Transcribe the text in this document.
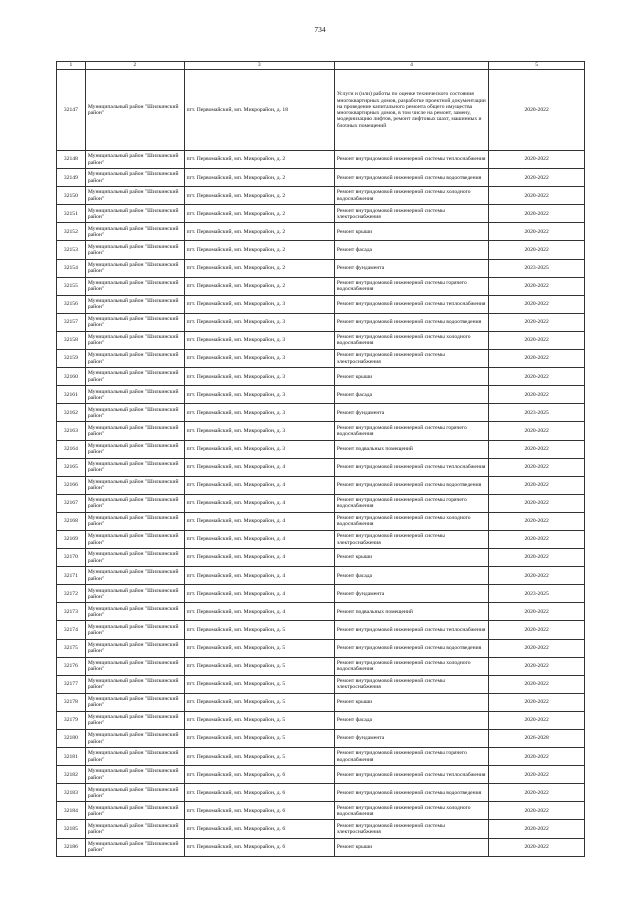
734
1	2	3	4	5
32147	Муниципальный район "Шилкинский район"	пгт. Первомайский, мп. Микрорайон, д. 18	Услуги и (или) работы по оценке технического состояния многоквартирных домов, разработке проектной документации на проведение капитального ремонта общего имущества многоквартирных домов, в том числе на ремонт, замену, модернизацию лифтов, ремонт лифтовых шахт, машинных и блочных помещений	2020-2022
32148	Муниципальный район "Шилкинский район"	пгт. Первомайский, мп. Микрорайон, д. 2	Ремонт внутридомовой инженерной системы теплоснабжения	2020-2022
32149	Муниципальный район "Шилкинский район"	пгт. Первомайский, мп. Микрорайон, д. 2	Ремонт внутридомовой инженерной системы водоотведения	2020-2022
32150	Муниципальный район "Шилкинский район"	пгт. Первомайский, мп. Микрорайон, д. 2	Ремонт внутридомовой инженерной системы холодного водоснабжения	2020-2022
32151	Муниципальный район "Шилкинский район"	пгт. Первомайский, мп. Микрорайон, д. 2	Ремонт внутридомовой инженерной системы электроснабжения	2020-2022
32152	Муниципальный район "Шилкинский район"	пгт. Первомайский, мп. Микрорайон, д. 2	Ремонт крыши	2020-2022
32153	Муниципальный район "Шилкинский район"	пгт. Первомайский, мп. Микрорайон, д. 2	Ремонт фасада	2020-2022
32154	Муниципальный район "Шилкинский район"	пгт. Первомайский, мп. Микрорайон, д. 2	Ремонт фундамента	2023-2025
32155	Муниципальный район "Шилкинский район"	пгт. Первомайский, мп. Микрорайон, д. 2	Ремонт внутридомовой инженерной системы горячего водоснабжения	2020-2022
32156	Муниципальный район "Шилкинский район"	пгт. Первомайский, мп. Микрорайон, д. 3	Ремонт внутридомовой инженерной системы теплоснабжения	2020-2022
32157	Муниципальный район "Шилкинский район"	пгт. Первомайский, мп. Микрорайон, д. 3	Ремонт внутридомовой инженерной системы водоотведения	2020-2022
32158	Муниципальный район "Шилкинский район"	пгт. Первомайский, мп. Микрорайон, д. 3	Ремонт внутридомовой инженерной системы холодного водоснабжения	2020-2022
32159	Муниципальный район "Шилкинский район"	пгт. Первомайский, мп. Микрорайон, д. 3	Ремонт внутридомовой инженерной системы электроснабжения	2020-2022
32160	Муниципальный район "Шилкинский район"	пгт. Первомайский, мп. Микрорайон, д. 3	Ремонт крыши	2020-2022
32161	Муниципальный район "Шилкинский район"	пгт. Первомайский, мп. Микрорайон, д. 3	Ремонт фасада	2020-2022
32162	Муниципальный район "Шилкинский район"	пгт. Первомайский, мп. Микрорайон, д. 3	Ремонт фундамента	2023-2025
32163	Муниципальный район "Шилкинский район"	пгт. Первомайский, мп. Микрорайон, д. 3	Ремонт внутридомовой инженерной системы горячего водоснабжения	2020-2022
32164	Муниципальный район "Шилкинский район"	пгт. Первомайский, мп. Микрорайон, д. 3	Ремонт подвальных помещений	2020-2022
32165	Муниципальный район "Шилкинский район"	пгт. Первомайский, мп. Микрорайон, д. 4	Ремонт внутридомовой инженерной системы теплоснабжения	2020-2022
32166	Муниципальный район "Шилкинский район"	пгт. Первомайский, мп. Микрорайон, д. 4	Ремонт внутридомовой инженерной системы водоотведения	2020-2022
32167	Муниципальный район "Шилкинский район"	пгт. Первомайский, мп. Микрорайон, д. 4	Ремонт внутридомовой инженерной системы горячего водоснабжения	2020-2022
32168	Муниципальный район "Шилкинский район"	пгт. Первомайский, мп. Микрорайон, д. 4	Ремонт внутридомовой инженерной системы холодного водоснабжения	2020-2022
32169	Муниципальный район "Шилкинский район"	пгт. Первомайский, мп. Микрорайон, д. 4	Ремонт внутридомовой инженерной системы электроснабжения	2020-2022
32170	Муниципальный район "Шилкинский район"	пгт. Первомайский, мп. Микрорайон, д. 4	Ремонт крыши	2020-2022
32171	Муниципальный район "Шилкинский район"	пгт. Первомайский, мп. Микрорайон, д. 4	Ремонт фасада	2020-2022
32172	Муниципальный район "Шилкинский район"	пгт. Первомайский, мп. Микрорайон, д. 4	Ремонт фундамента	2023-2025
32173	Муниципальный район "Шилкинский район"	пгт. Первомайский, мп. Микрорайон, д. 4	Ремонт подвальных помещений	2020-2022
32174	Муниципальный район "Шилкинский район"	пгт. Первомайский, мп. Микрорайон, д. 5	Ремонт внутридомовой инженерной системы теплоснабжения	2020-2022
32175	Муниципальный район "Шилкинский район"	пгт. Первомайский, мп. Микрорайон, д. 5	Ремонт внутридомовой инженерной системы водоотведения	2020-2022
32176	Муниципальный район "Шилкинский район"	пгт. Первомайский, мп. Микрорайон, д. 5	Ремонт внутридомовой инженерной системы холодного водоснабжения	2020-2022
32177	Муниципальный район "Шилкинский район"	пгт. Первомайский, мп. Микрорайон, д. 5	Ремонт внутридомовой инженерной системы электроснабжения	2020-2022
32178	Муниципальный район "Шилкинский район"	пгт. Первомайский, мп. Микрорайон, д. 5	Ремонт крыши	2020-2022
32179	Муниципальный район "Шилкинский район"	пгт. Первомайский, мп. Микрорайон, д. 5	Ремонт фасада	2020-2022
32180	Муниципальный район "Шилкинский район"	пгт. Первомайский, мп. Микрорайон, д. 5	Ремонт фундамента	2026-2028
32181	Муниципальный район "Шилкинский район"	пгт. Первомайский, мп. Микрорайон, д. 5	Ремонт внутридомовой инженерной системы горячего водоснабжения	2020-2022
32182	Муниципальный район "Шилкинский район"	пгт. Первомайский, мп. Микрорайон, д. 6	Ремонт внутридомовой инженерной системы теплоснабжения	2020-2022
32183	Муниципальный район "Шилкинский район"	пгт. Первомайский, мп. Микрорайон, д. 6	Ремонт внутридомовой инженерной системы водоотведения	2020-2022
32184	Муниципальный район "Шилкинский район"	пгт. Первомайский, мп. Микрорайон, д. 6	Ремонт внутридомовой инженерной системы холодного водоснабжения	2020-2022
32185	Муниципальный район "Шилкинский район"	пгт. Первомайский, мп. Микрорайон, д. 6	Ремонт внутридомовой инженерной системы электроснабжения	2020-2022
32186	Муниципальный район "Шилкинский район"	пгт. Первомайский, мп. Микрорайон, д. 6	Ремонт крыши	2020-2022
